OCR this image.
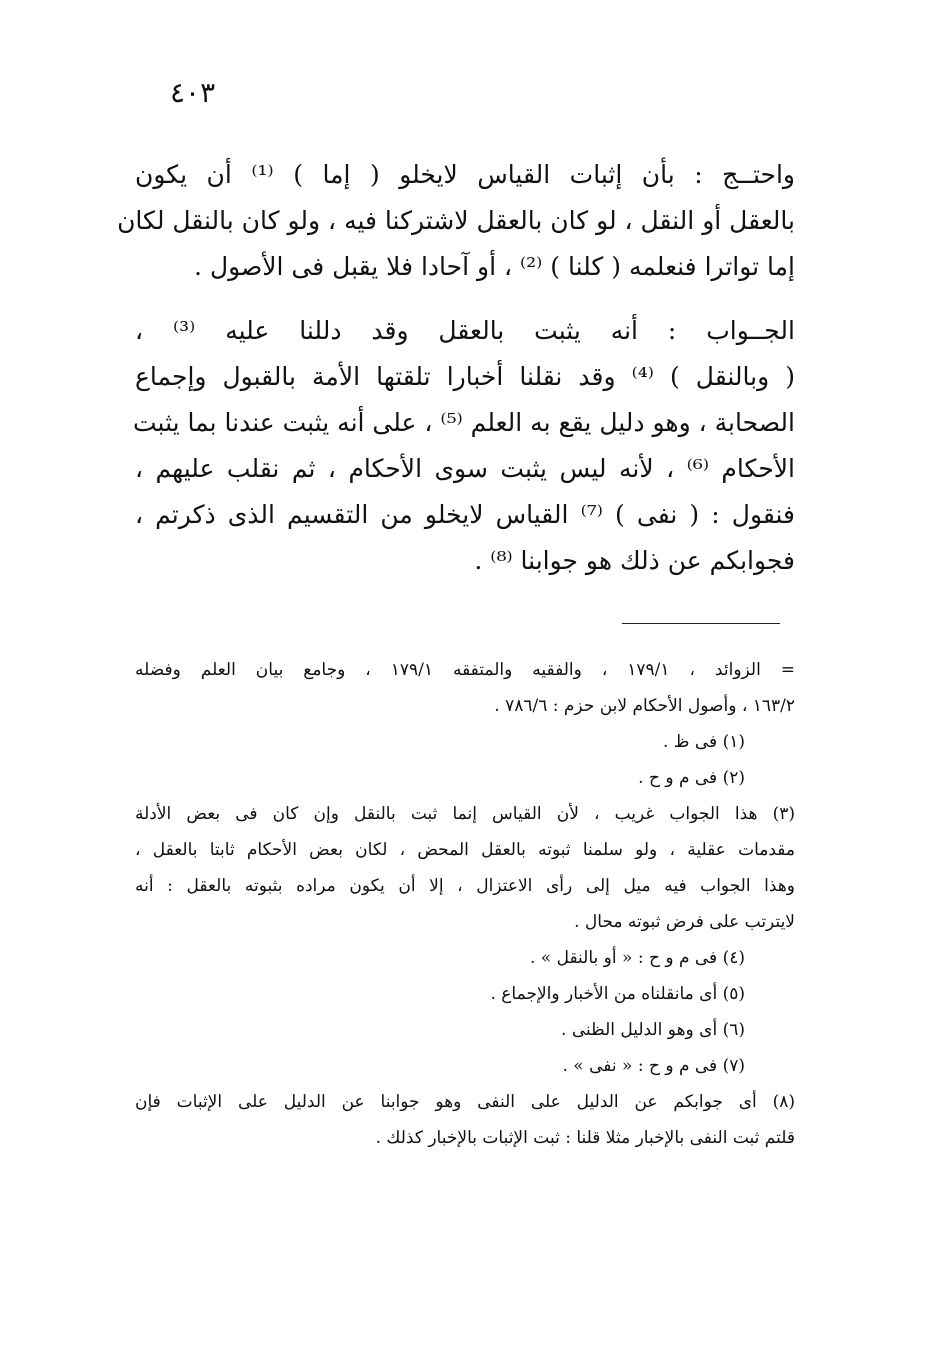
٤٠٣
واحتــج : بأن إثبات القياس لايخلو ( إما ) ⁽¹⁾ أن يكون
بالعقل أو النقل ، لو كان بالعقل لاشتركنا فيه ، ولو كان بالنقل لكان
إما تواترا فنعلمه ( كلنا ) ⁽²⁾ ، أو آحادا فلا يقبل فى الأصول .
الجــواب : أنه يثبت بالعقل وقد دللنا عليه ⁽³⁾ ،
( وبالنقل ) ⁽⁴⁾ وقد نقلنا أخبارا تلقتها الأمة بالقبول وإجماع
الصحابة ، وهو دليل يقع به العلم ⁽⁵⁾ ، على أنه يثبت عندنا بما يثبت
الأحكام ⁽⁶⁾ ، لأنه ليس يثبت سوى الأحكام ، ثم نقلب عليهم ،
فنقول : ( نفى ) ⁽⁷⁾ القياس لايخلو من التقسيم الذى ذكرتم ،
فجوابكم عن ذلك هو جوابنا ⁽⁸⁾ .
= الزوائد ، ١٧٩/١ ، والفقيه والمتفقه ١٧٩/١ ، وجامع بيان العلم وفضله
١٦٣/٢ ، وأصول الأحكام لابن حزم : ٧٨٦/٦ .
(١) فى ظ .
(٢) فى م و ح .
(٣) هذا الجواب غريب ، لأن القياس إنما ثبت بالنقل وإن كان فى بعض الأدلة
مقدمات عقلية ، ولو سلمنا ثبوته بالعقل المحض ، لكان بعض الأحكام ثابتا بالعقل ،
وهذا الجواب فيه ميل إلى رأى الاعتزال ، إلا أن يكون مراده بثبوته بالعقل : أنه
لايترتب على فرض ثبوته محال .
(٤) فى م و ح : « أو بالنقل » .
(٥) أى مانقلناه من الأخبار والإجماع .
(٦) أى وهو الدليل الظنى .
(٧) فى م و ح : « نفى » .
(٨) أى جوابكم عن الدليل على النفى وهو جوابنا عن الدليل على الإثبات فإن
قلتم ثبت النفى بالإخبار مثلا قلنا : ثبت الإثبات بالإخبار كذلك .
